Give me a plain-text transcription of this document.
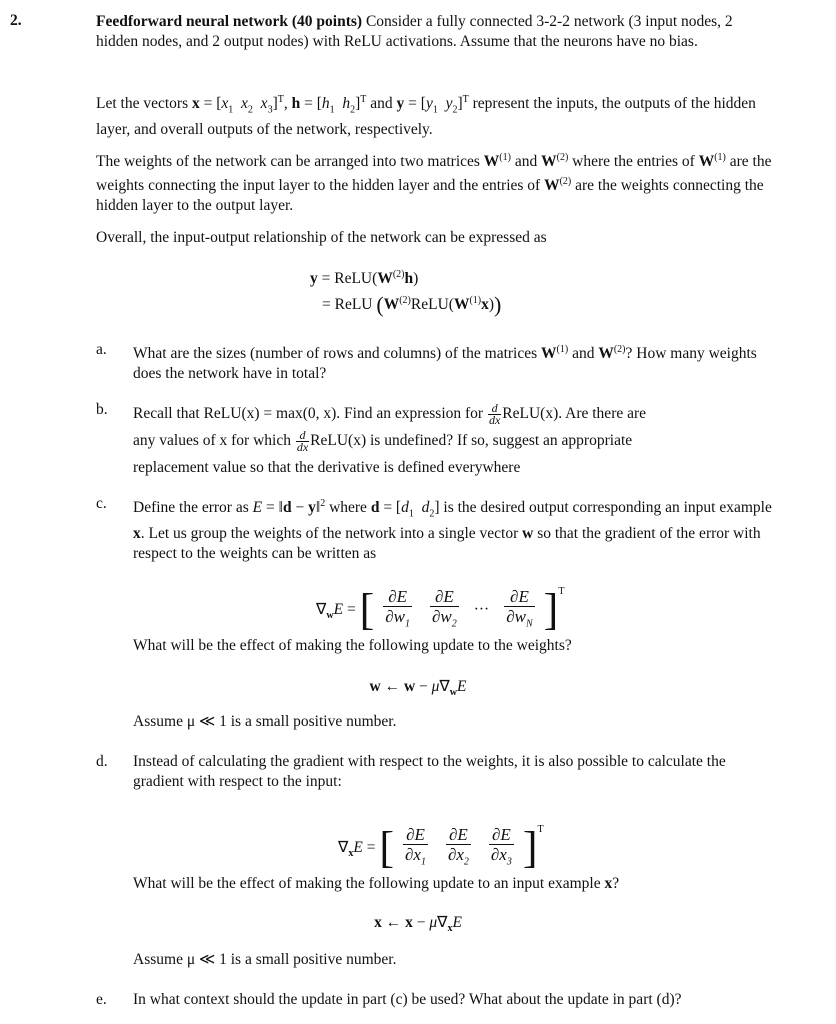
2.	Feedforward neural network (40 points) Consider a fully connected 3-2-2 network (3 input nodes, 2 hidden nodes, and 2 output nodes) with ReLU activations. Assume that the neurons have no bias.
Let the vectors $x = [x_1$ $x_2$ $x_3]^T$, $h = [h_1$ $h_2]^T$ and $y = [y_1$ $y_2]^T$ represent the inputs, the outputs of the hidden layer, and overall outputs of the network, respectively.
The weights of the network can be arranged into two matrices $W^{(1)}$ and $W^{(2)}$ where the entries of $W^{(1)}$ are the weights connecting the input layer to the hidden layer and the entries of $W^{(2)}$ are the weights connecting the hidden layer to the output layer.
Overall, the input-output relationship of the network can be expressed as
$y = ReLU(W^{(2)}h)$
= ReLU $(W^{(2)}ReLU(W^{(1)}x))$
a. What are the sizes (number of rows and columns) of the matrices $W^{(1)}$ and $W^{(2)}$? How many weights does the network have in total?
b. Recall that ReLU(x) = max(0, x). Find an expression for $\frac{d}{dx}$ ReLU(x). Are there are
any values of x for which $\frac{d}{dx}$ ReLU(x) is undefined? If so, suggest an appropriate
replacement value so that the derivative is defined everywhere
c. Define the error as E = ‖d − y‖$^2$ where $d = [d_1$ $d_2$] is the desired output corresponding an input example x. Let us group the weights of the network into a single vector w so that the gradient of the error with respect to the weights can be written as
$\nabla_wE$ = [ $\frac{\partial E}{\partial w_1} \frac{\partial E}{\partial w_2}$ ··· $\frac{\partial E}{\partial w_N} ]^T$
What will be the effect of making the following update to the weights?
w ← $w - \mu\nabla_wE$
Assume μ ≪ 1 is a small positive number.
d. Instead of calculating the gradient with respect to the weights, it is also possible to calculate the gradient with respect to the input:
$\nabla_xE$ = [ $\frac{\partial E}{\partial x_1} \frac{\partial E}{\partial x_2} \frac{\partial E}{\partial x_3} ]^T$
What will be the effect of making the following update to an input example x?
x ← $x - \mu\nabla_xE$
Assume μ ≪ 1 is a small positive number.
e. In what context should the update in part (c) be used? What about the update in part (d)?
